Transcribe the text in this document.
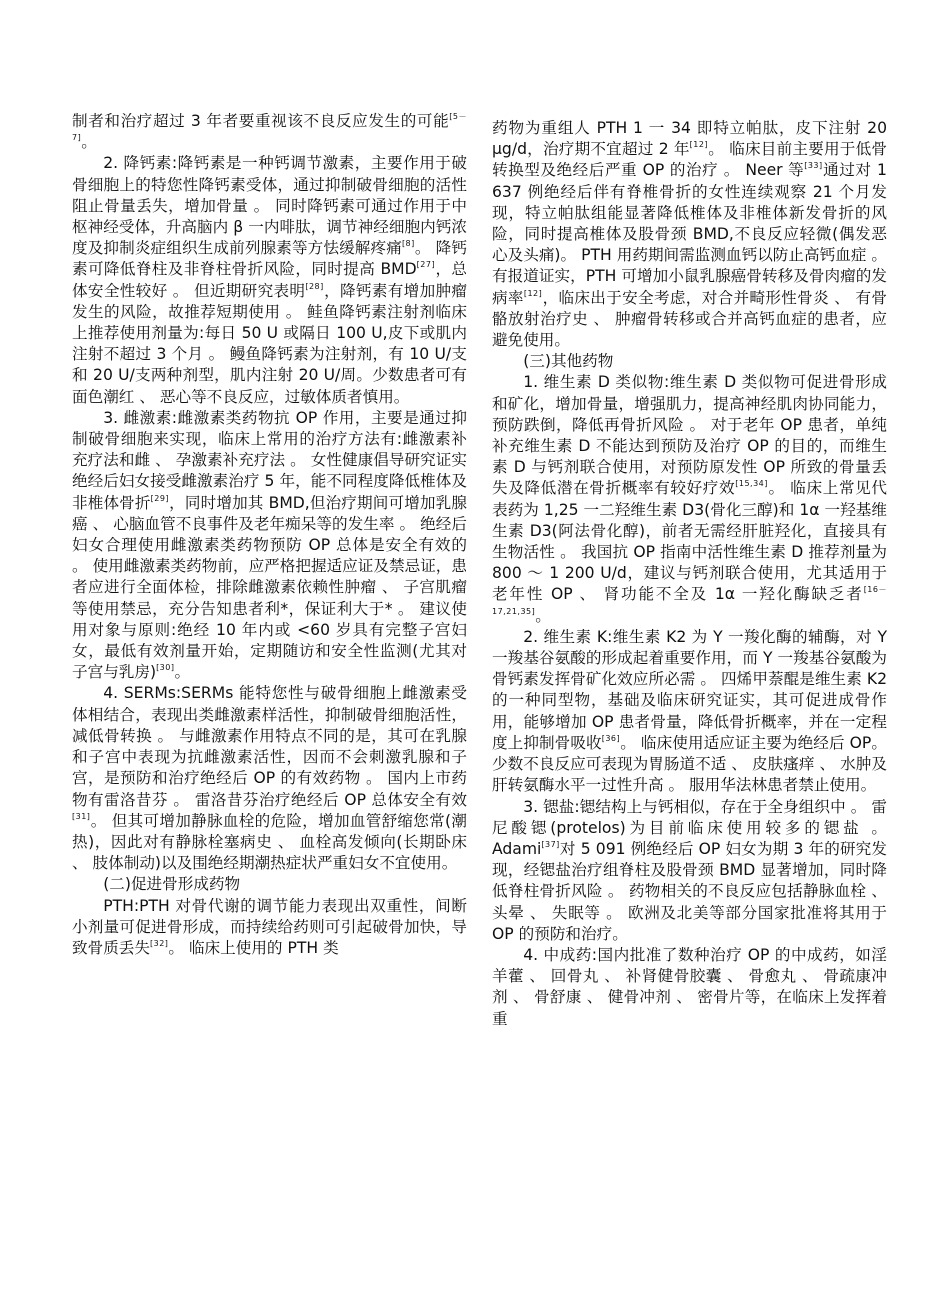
制者和治疗超过 3 年者要重视该不良反应发生的可能[5－7]。

2. 降钙素:降钙素是一种钙调节激素，主要作用于破骨细胞上的特您性降钙素受体，通过抑制破骨细胞的活性阻止骨量丢失，增加骨量 。 同时降钙素可通过作用于中枢神经受体，升高脑内 β 一内啡肽，调节神经细胞内钙浓度及抑制炎症组织生成前列腺素等方怯缓解疼痛[8]。 降钙素可降低脊柱及非脊柱骨折风险，同时提高 BMD[27]，总体安全性较好 。 但近期研究表明[28]，降钙素有增加肿瘤发生的风险，故推荐短期使用 。 鲑鱼降钙素注射剂临床上推荐使用剂量为:每日 50 U 或隔日 100 U,皮下或肌内注射不超过 3 个月 。 鳗鱼降钙素为注射剂，有 10 U/支和 20 U/支两种剂型，肌内注射 20 U/周。少数患者可有面色潮红 、 恶心等不良反应，过敏体质者慎用。

3. 雌激素:雌激素类药物抗 OP 作用，主要是通过抑制破骨细胞来实现，临床上常用的治疗方法有:雌激素补充疗法和雌 、 孕激素补充疗法 。 女性健康倡导研究证实绝经后妇女接受雌激素治疗 5 年，能不同程度降低椎体及非椎体骨折[29]，同时增加其 BMD,但治疗期间可增加乳腺癌 、 心脑血管不良事件及老年痴呆等的发生率 。 绝经后妇女合理使用雌激素类药物预防 OP 总体是安全有效的 。 使用雌激素类药物前，应严格把握适应证及禁忌证，患者应进行全面体检，排除雌激素依赖性肿瘤 、 子宫肌瘤等使用禁忌，充分告知患者利*，保证利大于* 。 建议使用对象与原则:绝经 10 年内或 <60 岁具有完整子宫妇女，最低有效剂量开始，定期随访和安全性监测(尤其对子宫与乳房)[30]。

4. SERMs:SERMs 能特您性与破骨细胞上雌激素受体相结合，表现出类雌激素样活性，抑制破骨细胞活性，减低骨转换 。 与雌激素作用特点不同的是，其可在乳腺和子宫中表现为抗雌激素活性，因而不会刺激乳腺和子宫，是预防和治疗绝经后 OP 的有效药物 。 国内上市药物有雷洛昔芬 。 雷洛昔芬治疗绝经后 OP 总体安全有效[31]。 但其可增加静脉血栓的危险，增加血管舒缩您常(潮热)，因此对有静脉栓塞病史 、 血栓高发倾向(长期卧床 、 肢体制动)以及围绝经期潮热症状严重妇女不宜使用。

(二)促进骨形成药物

PTH:PTH 对骨代谢的调节能力表现出双重性，间断小剂量可促进骨形成，而持续给药则可引起破骨加快，导致骨质丢失[32]。 临床上使用的 PTH 类

药物为重组人 PTH 1 一 34 即特立帕肽，皮下注射 20 μg/d，治疗期不宜超过 2 年[12]。 临床目前主要用于低骨转换型及绝经后严重 OP 的治疗 。 Neer 等[33]通过对 1 637 例绝经后伴有脊椎骨折的女性连续观察 21 个月发现，特立帕肽组能显著降低椎体及非椎体新发骨折的风险，同时提高椎体及股骨颈 BMD,不良反应轻微(偶发恶心及头痛)。 PTH 用药期间需监测血钙以防止高钙血症 。 有报道证实，PTH 可增加小鼠乳腺癌骨转移及骨肉瘤的发病率[12]，临床出于安全考虑，对合并畸形性骨炎 、 有骨骼放射治疗史 、 肿瘤骨转移或合并高钙血症的患者，应避免使用。

(三)其他药物

1. 维生素 D 类似物:维生素 D 类似物可促进骨形成和矿化，增加骨量，增强肌力，提高神经肌肉协同能力，预防跌倒，降低再骨折风险 。 对于老年 OP 患者，单纯补充维生素 D 不能达到预防及治疗 OP 的目的，而维生素 D 与钙剂联合使用，对预防原发性 OP 所致的骨量丢失及降低潜在骨折概率有较好疗效[15,34]。 临床上常见代表药为 1,25 一二羟维生素 D3(骨化三醇)和 1α 一羟基维生素 D3(阿法骨化醇)，前者无需经肝脏羟化，直接具有生物活性 。 我国抗 OP 指南中活性维生素 D 推荐剂量为 800 ～ 1 200 U/d，建议与钙剂联合使用，尤其适用于老年性 OP 、 肾功能不全及 1α 一羟化酶缺乏者[16－17,21,35]。

2. 维生素 K:维生素 K2 为 Y 一羧化酶的辅酶，对 Y 一羧基谷氨酸的形成起着重要作用，而 Y 一羧基谷氨酸为骨钙素发挥骨矿化效应所必需 。 四烯甲萘醌是维生素 K2 的一种同型物，基础及临床研究证实，其可促进成骨作用，能够增加 OP 患者骨量，降低骨折概率，并在一定程度上抑制骨吸收[36]。 临床使用适应证主要为绝经后 OP。少数不良反应可表现为胃肠道不适 、 皮肤瘙痒 、 水肿及肝转氨酶水平一过性升高 。 服用华法林患者禁止使用。

3. 锶盐:锶结构上与钙相似，存在于全身组织中 。 雷尼酸锶(protelos)为目前临床使用较多的锶盐 。 Adami[37]对 5 091 例绝经后 OP 妇女为期 3 年的研究发现，经锶盐治疗组脊柱及股骨颈 BMD 显著增加，同时降低脊柱骨折风险 。 药物相关的不良反应包括静脉血栓 、 头晕 、 失眠等 。 欧洲及北美等部分国家批准将其用于 OP 的预防和治疗。

4. 中成药:国内批准了数种治疗 OP 的中成药，如淫羊藿 、 回骨丸 、 补肾健骨胶囊 、 骨愈丸 、 骨疏康冲剂 、 骨舒康 、 健骨冲剂 、 密骨片等，在临床上发挥着重
